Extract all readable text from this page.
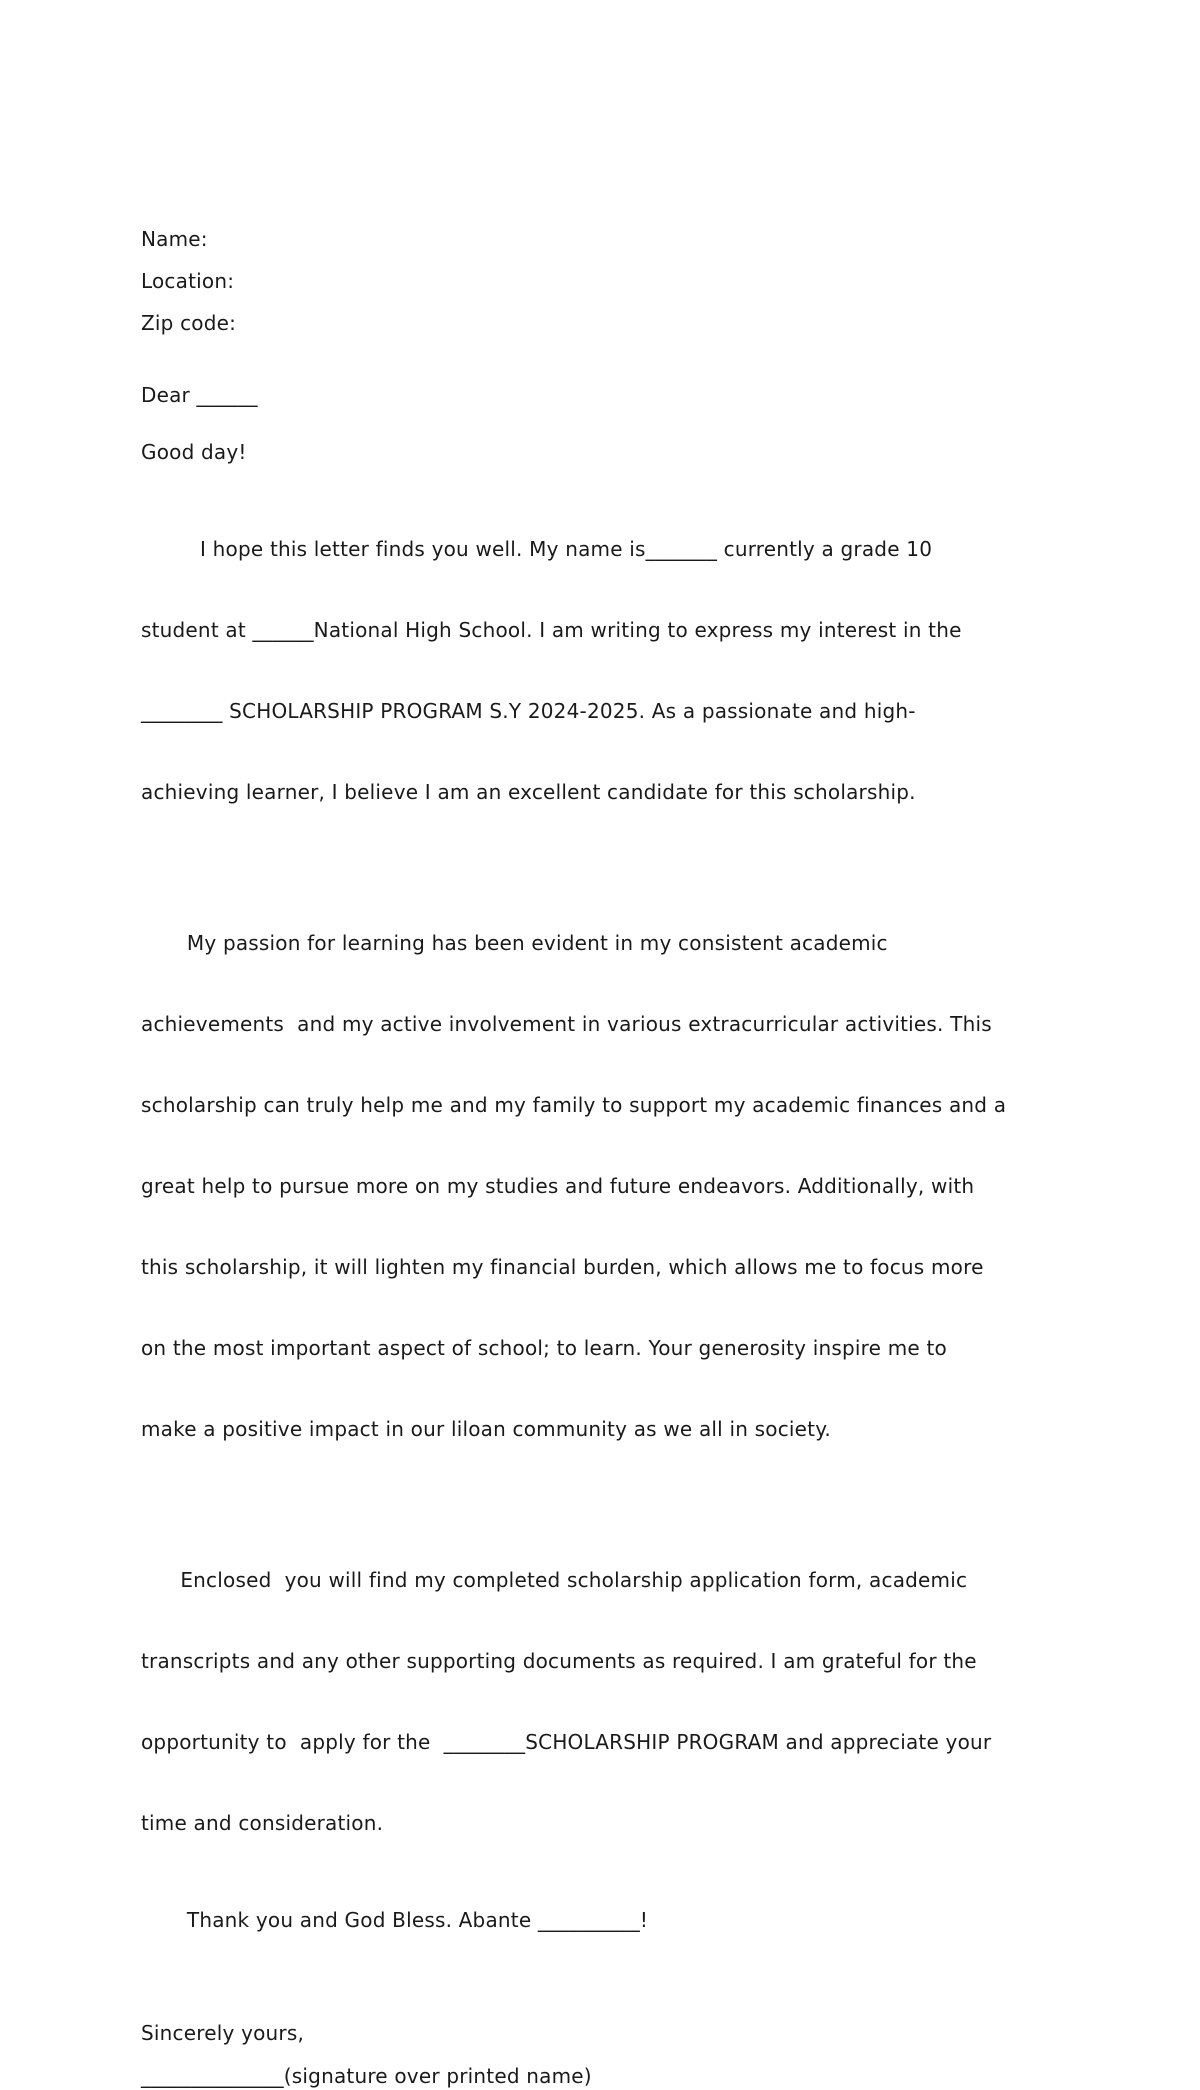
Name:

Location:

Zip code:

Dear ______

Good day!

I hope this letter finds you well. My name is_______ currently a grade 10

student at ______National High School. I am writing to express my interest in the

________ SCHOLARSHIP PROGRAM S.Y 2024-2025. As a passionate and high-

achieving learner, I believe I am an excellent candidate for this scholarship.

My passion for learning has been evident in my consistent academic

achievements  and my active involvement in various extracurricular activities. This

scholarship can truly help me and my family to support my academic finances and a

great help to pursue more on my studies and future endeavors. Additionally, with

this scholarship, it will lighten my financial burden, which allows me to focus more

on the most important aspect of school; to learn. Your generosity inspire me to

make a positive impact in our liloan community as we all in society.

Enclosed  you will find my completed scholarship application form, academic

transcripts and any other supporting documents as required. I am grateful for the

opportunity to  apply for the  ________SCHOLARSHIP PROGRAM and appreciate your

time and consideration.

Thank you and God Bless. Abante __________!

Sincerely yours,

______________(signature over printed name)
